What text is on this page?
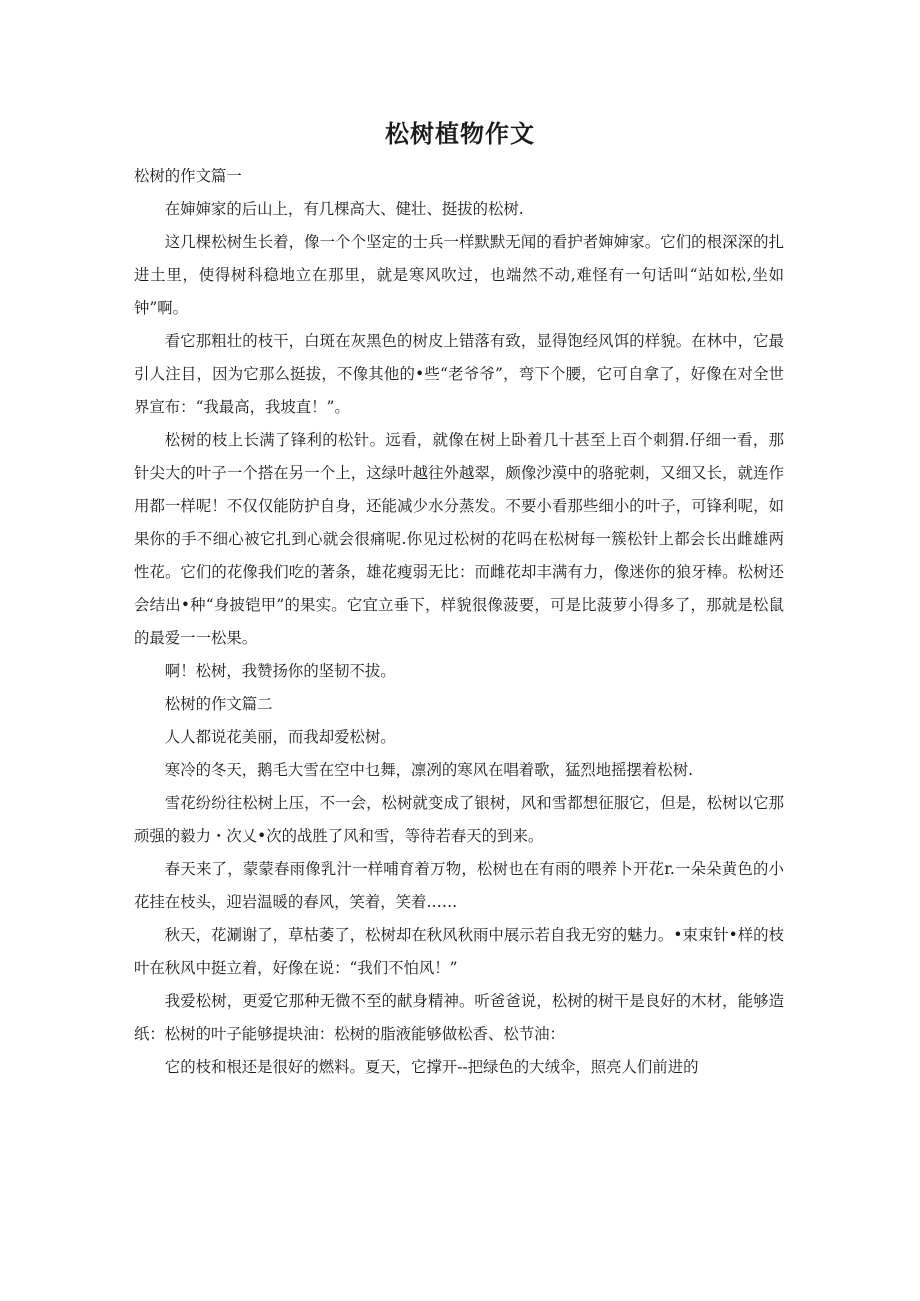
松树植物作文

松树的作文篇一

在婶婶家的后山上，有几棵高大、健壮、挺拔的松树.

这几棵松树生长着，像一个个坚定的士兵一样默默无闻的看护者婶婶家。它们的根深深的扎进土里，使得树科稳地立在那里，就是寒风吹过，也端然不动,难怪有一句话叫“站如松,坐如钟”啊。

看它那粗壮的枝干，白斑在灰黑色的树皮上错落有致，显得饱经风饵的样貌。在林中，它最引人注目，因为它那么挺拔，不像其他的•些“老爷爷”，弯下个腰，它可自拿了，好像在对全世界宣布：“我最高，我坡直！”。

松树的枝上长满了锋利的松针。远看，就像在树上卧着几十甚至上百个刺猬.仔细一看，那针尖大的叶子一个搭在另一个上，这绿叶越往外越翠，颇像沙漠中的骆驼刺，又细又长，就连作用都一样呢！不仅仅能防护自身，还能减少水分蒸发。不要小看那些细小的叶子，可锋利呢，如果你的手不细心被它扎到心就会很痛呢.你见过松树的花吗在松树每一簇松针上都会长出雌雄两性花。它们的花像我们吃的著条，雄花瘦弱无比：而雌花却丰满有力，像迷你的狼牙棒。松树还会结出•种“身披铠甲”的果实。它宜立垂下，样貌很像菠要，可是比菠萝小得多了，那就是松鼠的最爱一一松果。

啊！松树，我赞扬你的坚韧不拔。

松树的作文篇二

人人都说花美丽，而我却爱松树。

寒冷的冬天，鹅毛大雪在空中乜舞，凛冽的寒风在唱着歌，猛烈地摇摆着松树.

雪花纷纷往松树上压，不一会，松树就变成了银树，风和雪都想征服它，但是，松树以它那顽强的毅力・次乂•次的战胜了风和雪，等待若春天的到来。

春天来了，蒙蒙春雨像乳汁一样哺育着万物，松树也在有雨的喂养卜开花r.一朵朵黄色的小花挂在枝头，迎岩温暖的春风，笑着，笑着……

秋天，花涮谢了，草枯萎了，松树却在秋风秋雨中展示若自我无穷的魅力。•束束针•样的枝叶在秋风中挺立着，好像在说：“我们不怕风！”

我爱松树，更爱它那种无微不至的献身精神。听爸爸说，松树的树干是良好的木材，能够造纸：松树的叶子能够提块油：松树的脂液能够做松香、松节油：

它的枝和根还是很好的燃料。夏天，它撑开--把绿色的大绒伞，照亮人们前进的
